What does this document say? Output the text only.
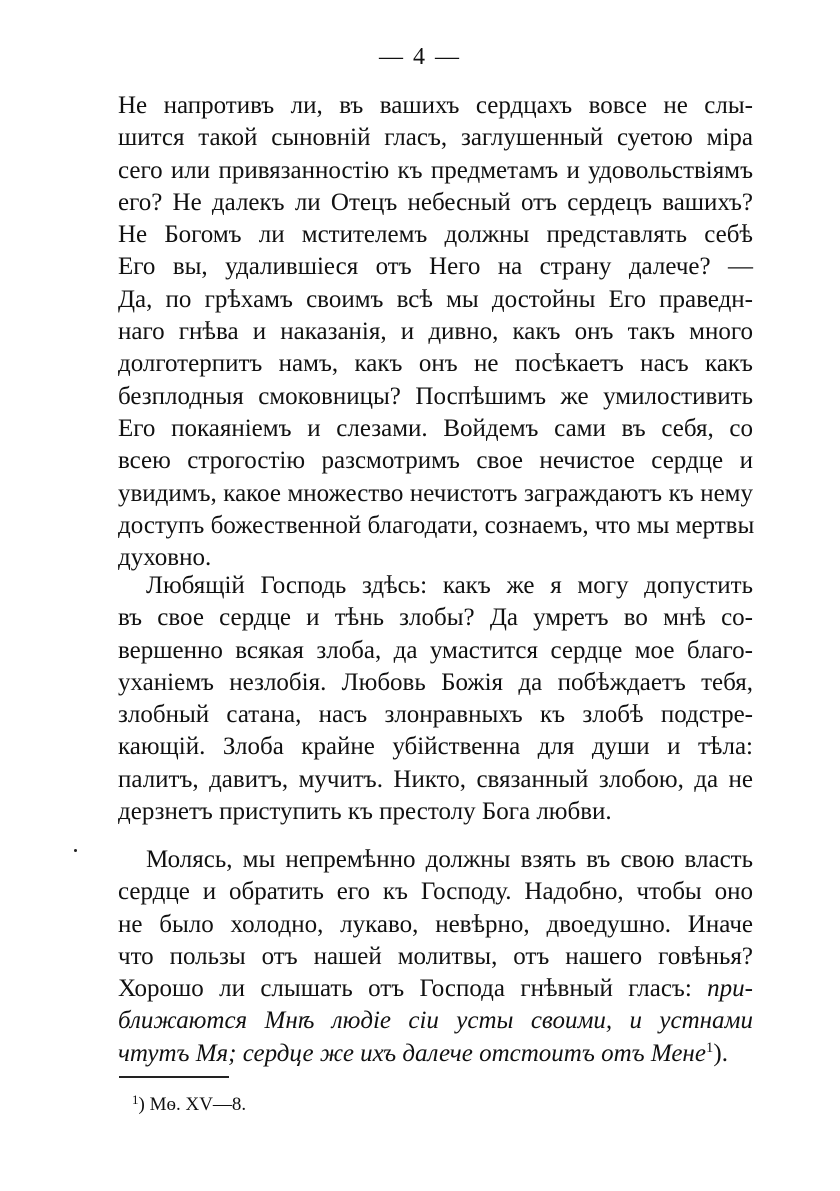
— 4 —
Не напротивъ ли, въ вашихъ сердцахъ вовсе не слы-
шится такой сыновній гласъ, заглушенный суетою міра
сего или привязанностію къ предметамъ и удовольствіямъ
его? Не далекъ ли Отецъ небесный отъ сердецъ вашихъ?
Не Богомъ ли мстителемъ должны представлять себѣ
Его вы, удалившіеся отъ Него на страну далече? —
Да, по грѣхамъ своимъ всѣ мы достойны Его праведн-
наго гнѣва и наказанія, и дивно, какъ онъ такъ много
долготерпитъ намъ, какъ онъ не посѣкаетъ насъ какъ
безплодныя смоковницы? Поспѣшимъ же умилостивить
Его покаяніемъ и слезами. Войдемъ сами въ себя, со
всею строгостію разсмотримъ свое нечистое сердце и
увидимъ, какое множество нечистотъ заграждаютъ къ нему
доступъ божественной благодати, сознаемъ, что мы мертвы
духовно.
Любящій Господь здѣсь: какъ же я могу допустить
въ свое сердце и тѣнь злобы? Да умретъ во мнѣ со-
вершенно всякая злоба, да умастится сердце мое благо-
уханіемъ незлобія. Любовь Божія да побѣждаетъ тебя,
злобный сатана, насъ злонравныхъ къ злобѣ подстре-
кающій. Злоба крайне убійственна для души и тѣла:
палитъ, давитъ, мучитъ. Никто, связанный злобою, да не
дерзнетъ приступить къ престолу Бога любви.
Молясь, мы непремѣнно должны взять въ свою власть
сердце и обратить его къ Господу. Надобно, чтобы оно
не было холодно, лукаво, невѣрно, двоедушно. Иначе
что пользы отъ нашей молитвы, отъ нашего говѣнья?
Хорошо ли слышать отъ Господа гнѣвный гласъ: при-
ближаются Мнѣ людіе сіи усты своими, и устнами
чтутъ Мя; сердце же ихъ далече отстоитъ отъ Мене$^1$).
$^1$) Мѳ. XV—8.
